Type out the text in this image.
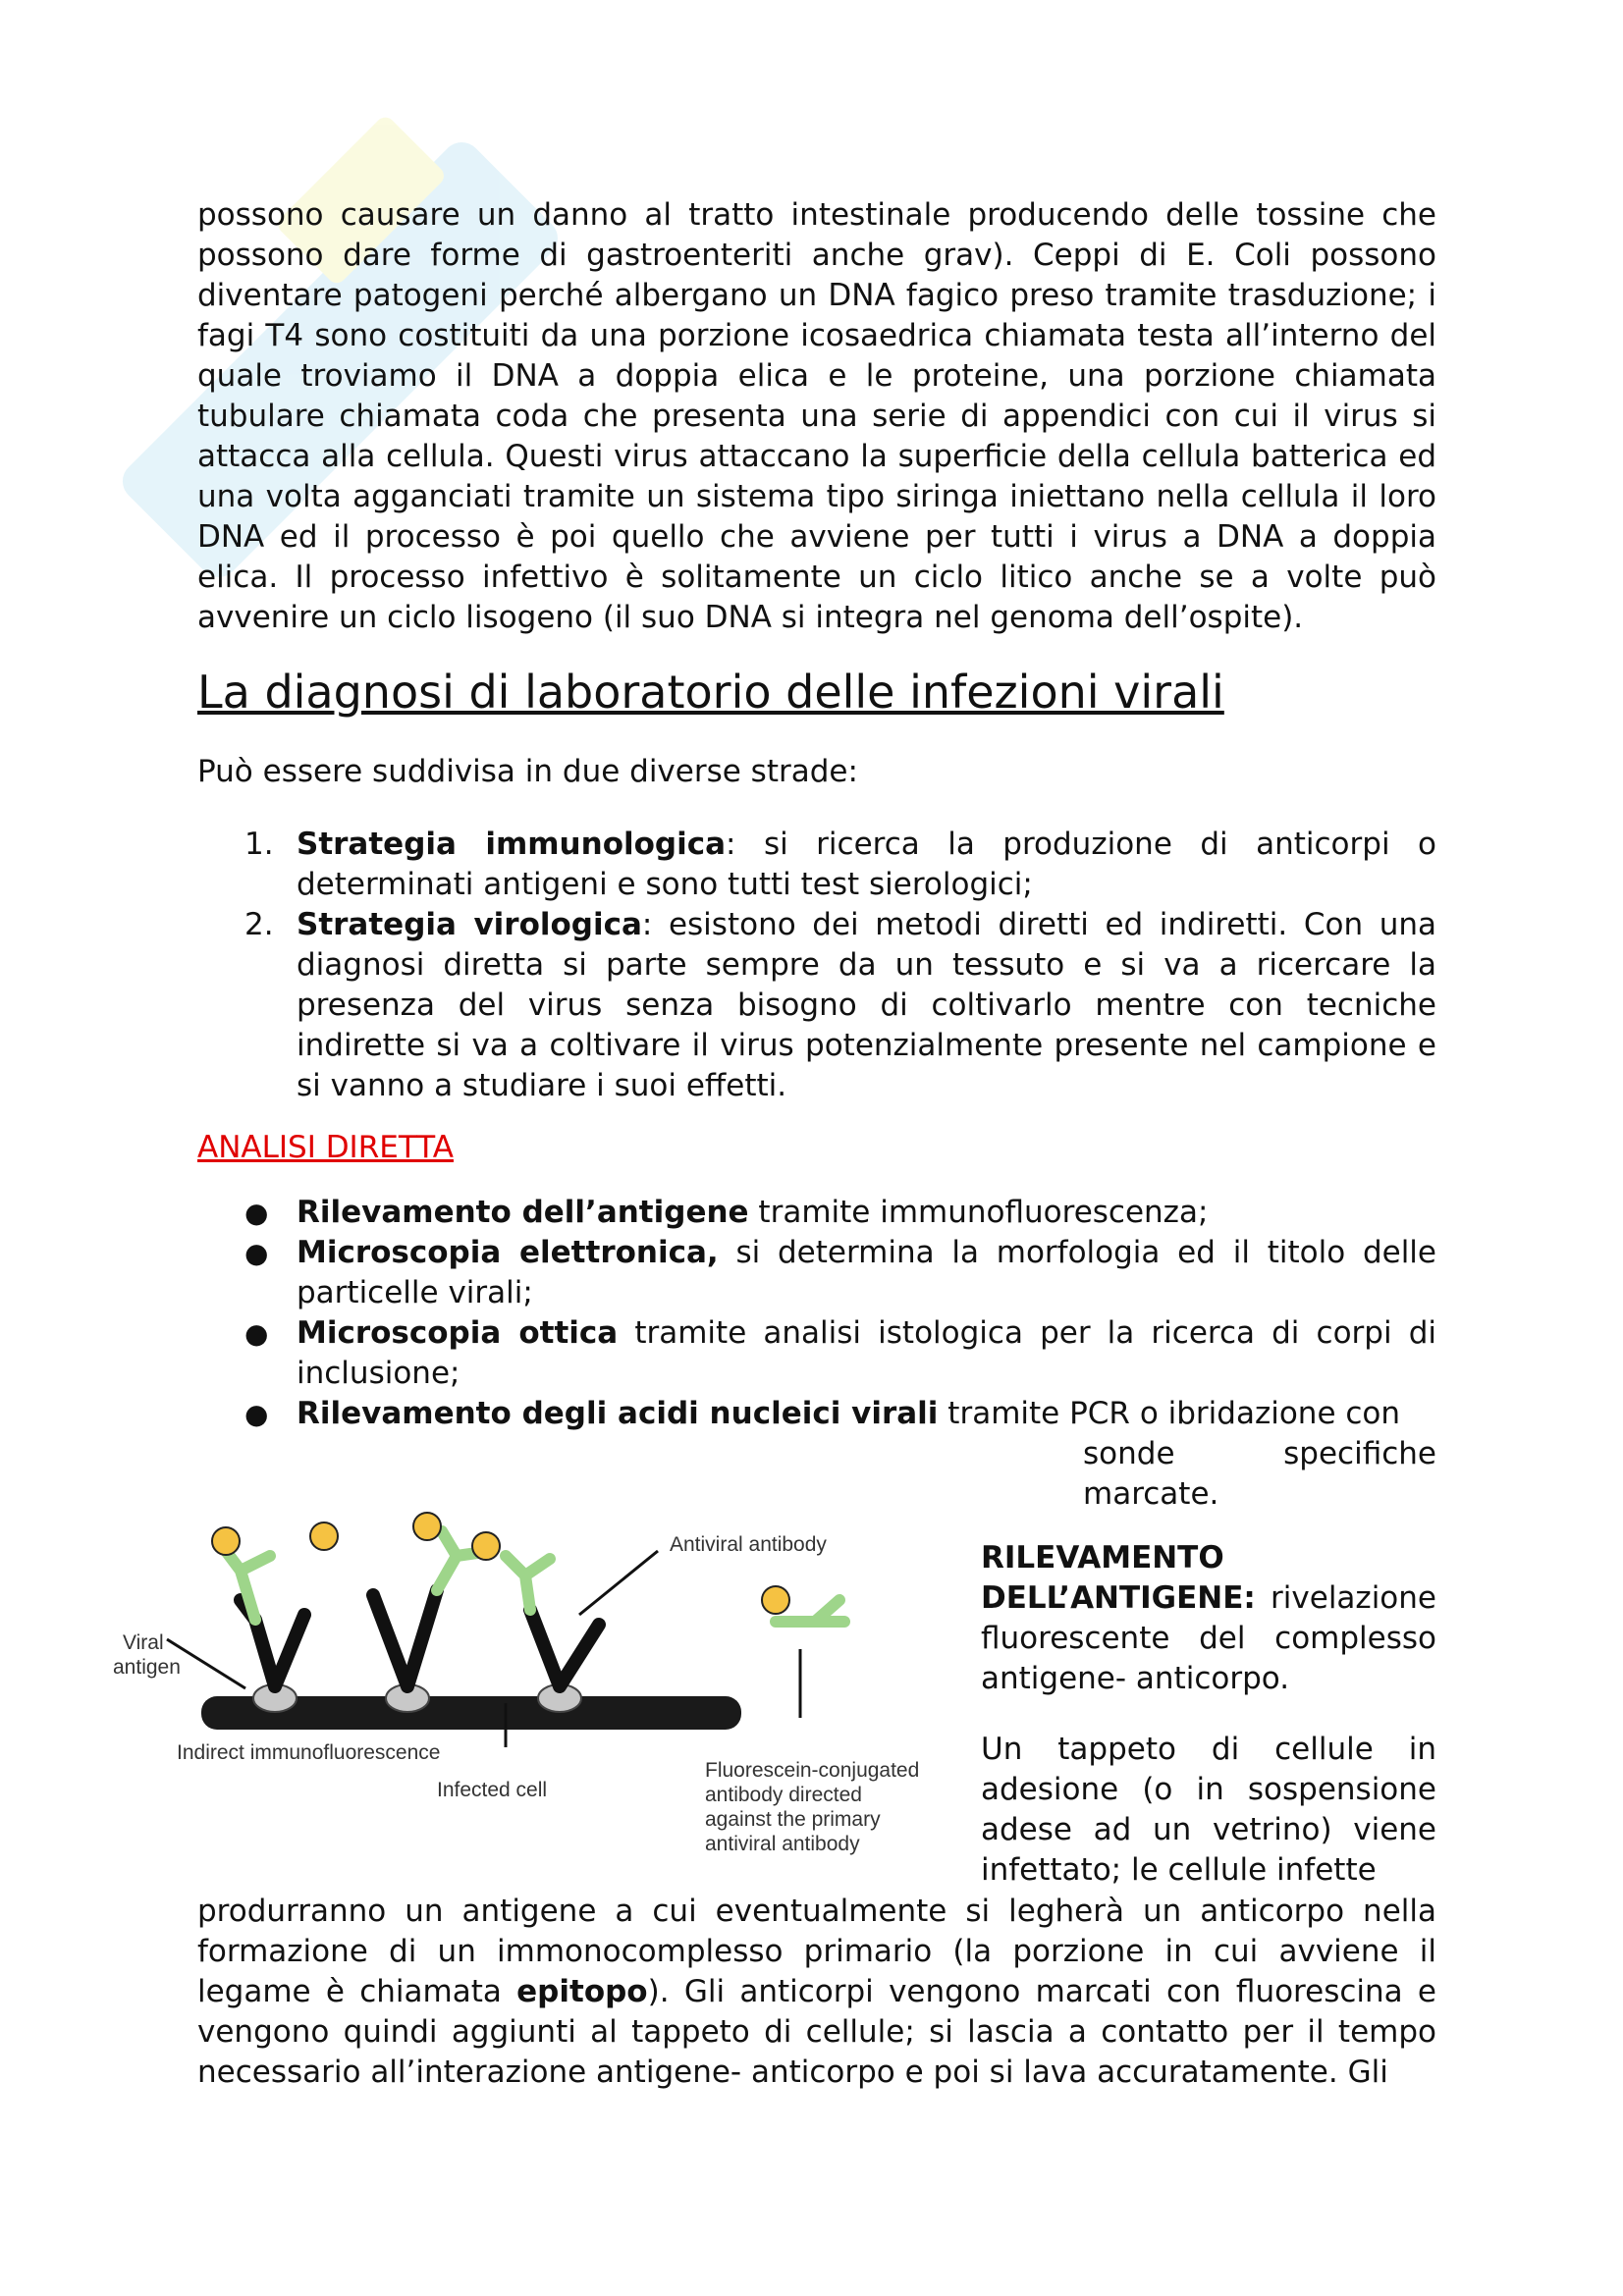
possono causare un danno al tratto intestinale producendo delle tossine che possono dare forme di gastroenteriti anche grav). Ceppi di E. Coli possono diventare patogeni perché albergano un DNA fagico preso tramite trasduzione; i fagi T4 sono costituiti da una porzione icosaedrica chiamata testa all’interno del quale troviamo il DNA a doppia elica e le proteine, una porzione chiamata tubulare chiamata coda che presenta una serie di appendici con cui il virus si attacca alla cellula. Questi virus attaccano la superficie della cellula batterica ed una volta agganciati tramite un sistema tipo siringa iniettano nella cellula il loro DNA ed il processo è poi quello che avviene per tutti i virus a DNA a doppia elica. Il processo infettivo è solitamente un ciclo litico anche se a volte può avvenire un ciclo lisogeno (il suo DNA si integra nel genoma dell’ospite).
La diagnosi di laboratorio delle infezioni virali
Può essere suddivisa in due diverse strade:
1. Strategia immunologica: si ricerca la produzione di anticorpi o determinati antigeni e sono tutti test sierologici;
2. Strategia virologica: esistono dei metodi diretti ed indiretti. Con una diagnosi diretta si parte sempre da un tessuto e si va a ricercare la presenza del virus senza bisogno di coltivarlo mentre con tecniche indirette si va a coltivare il virus potenzialmente presente nel campione e si vanno a studiare i suoi effetti.
ANALISI DIRETTA
● Rilevamento dell’antigene tramite immunofluorescenza;
● Microscopia elettronica, si determina la morfologia ed il titolo delle particelle virali;
● Microscopia ottica tramite analisi istologica per la ricerca di corpi di inclusione;
● Rilevamento degli acidi nucleici virali tramite PCR o ibridazione con
sonde specifiche
marcate.
Antiviral antibody
Viral
antigen
Indirect immunofluorescence
Infected cell
Fluorescein-conjugated
antibody directed
against the primary
antiviral antibody
RILEVAMENTO DELL’ANTIGENE: rivelazione fluorescente del complesso antigene- anticorpo.
Un tappeto di cellule in adesione (o in sospensione adese ad un vetrino) viene infettato; le cellule infette
produrranno un antigene a cui eventualmente si legherà un anticorpo nella formazione di un immonocomplesso primario (la porzione in cui avviene il legame è chiamata epitopo). Gli anticorpi vengono marcati con fluorescina e vengono quindi aggiunti al tappeto di cellule; si lascia a contatto per il tempo necessario all’interazione antigene- anticorpo e poi si lava accuratamente. Gli
